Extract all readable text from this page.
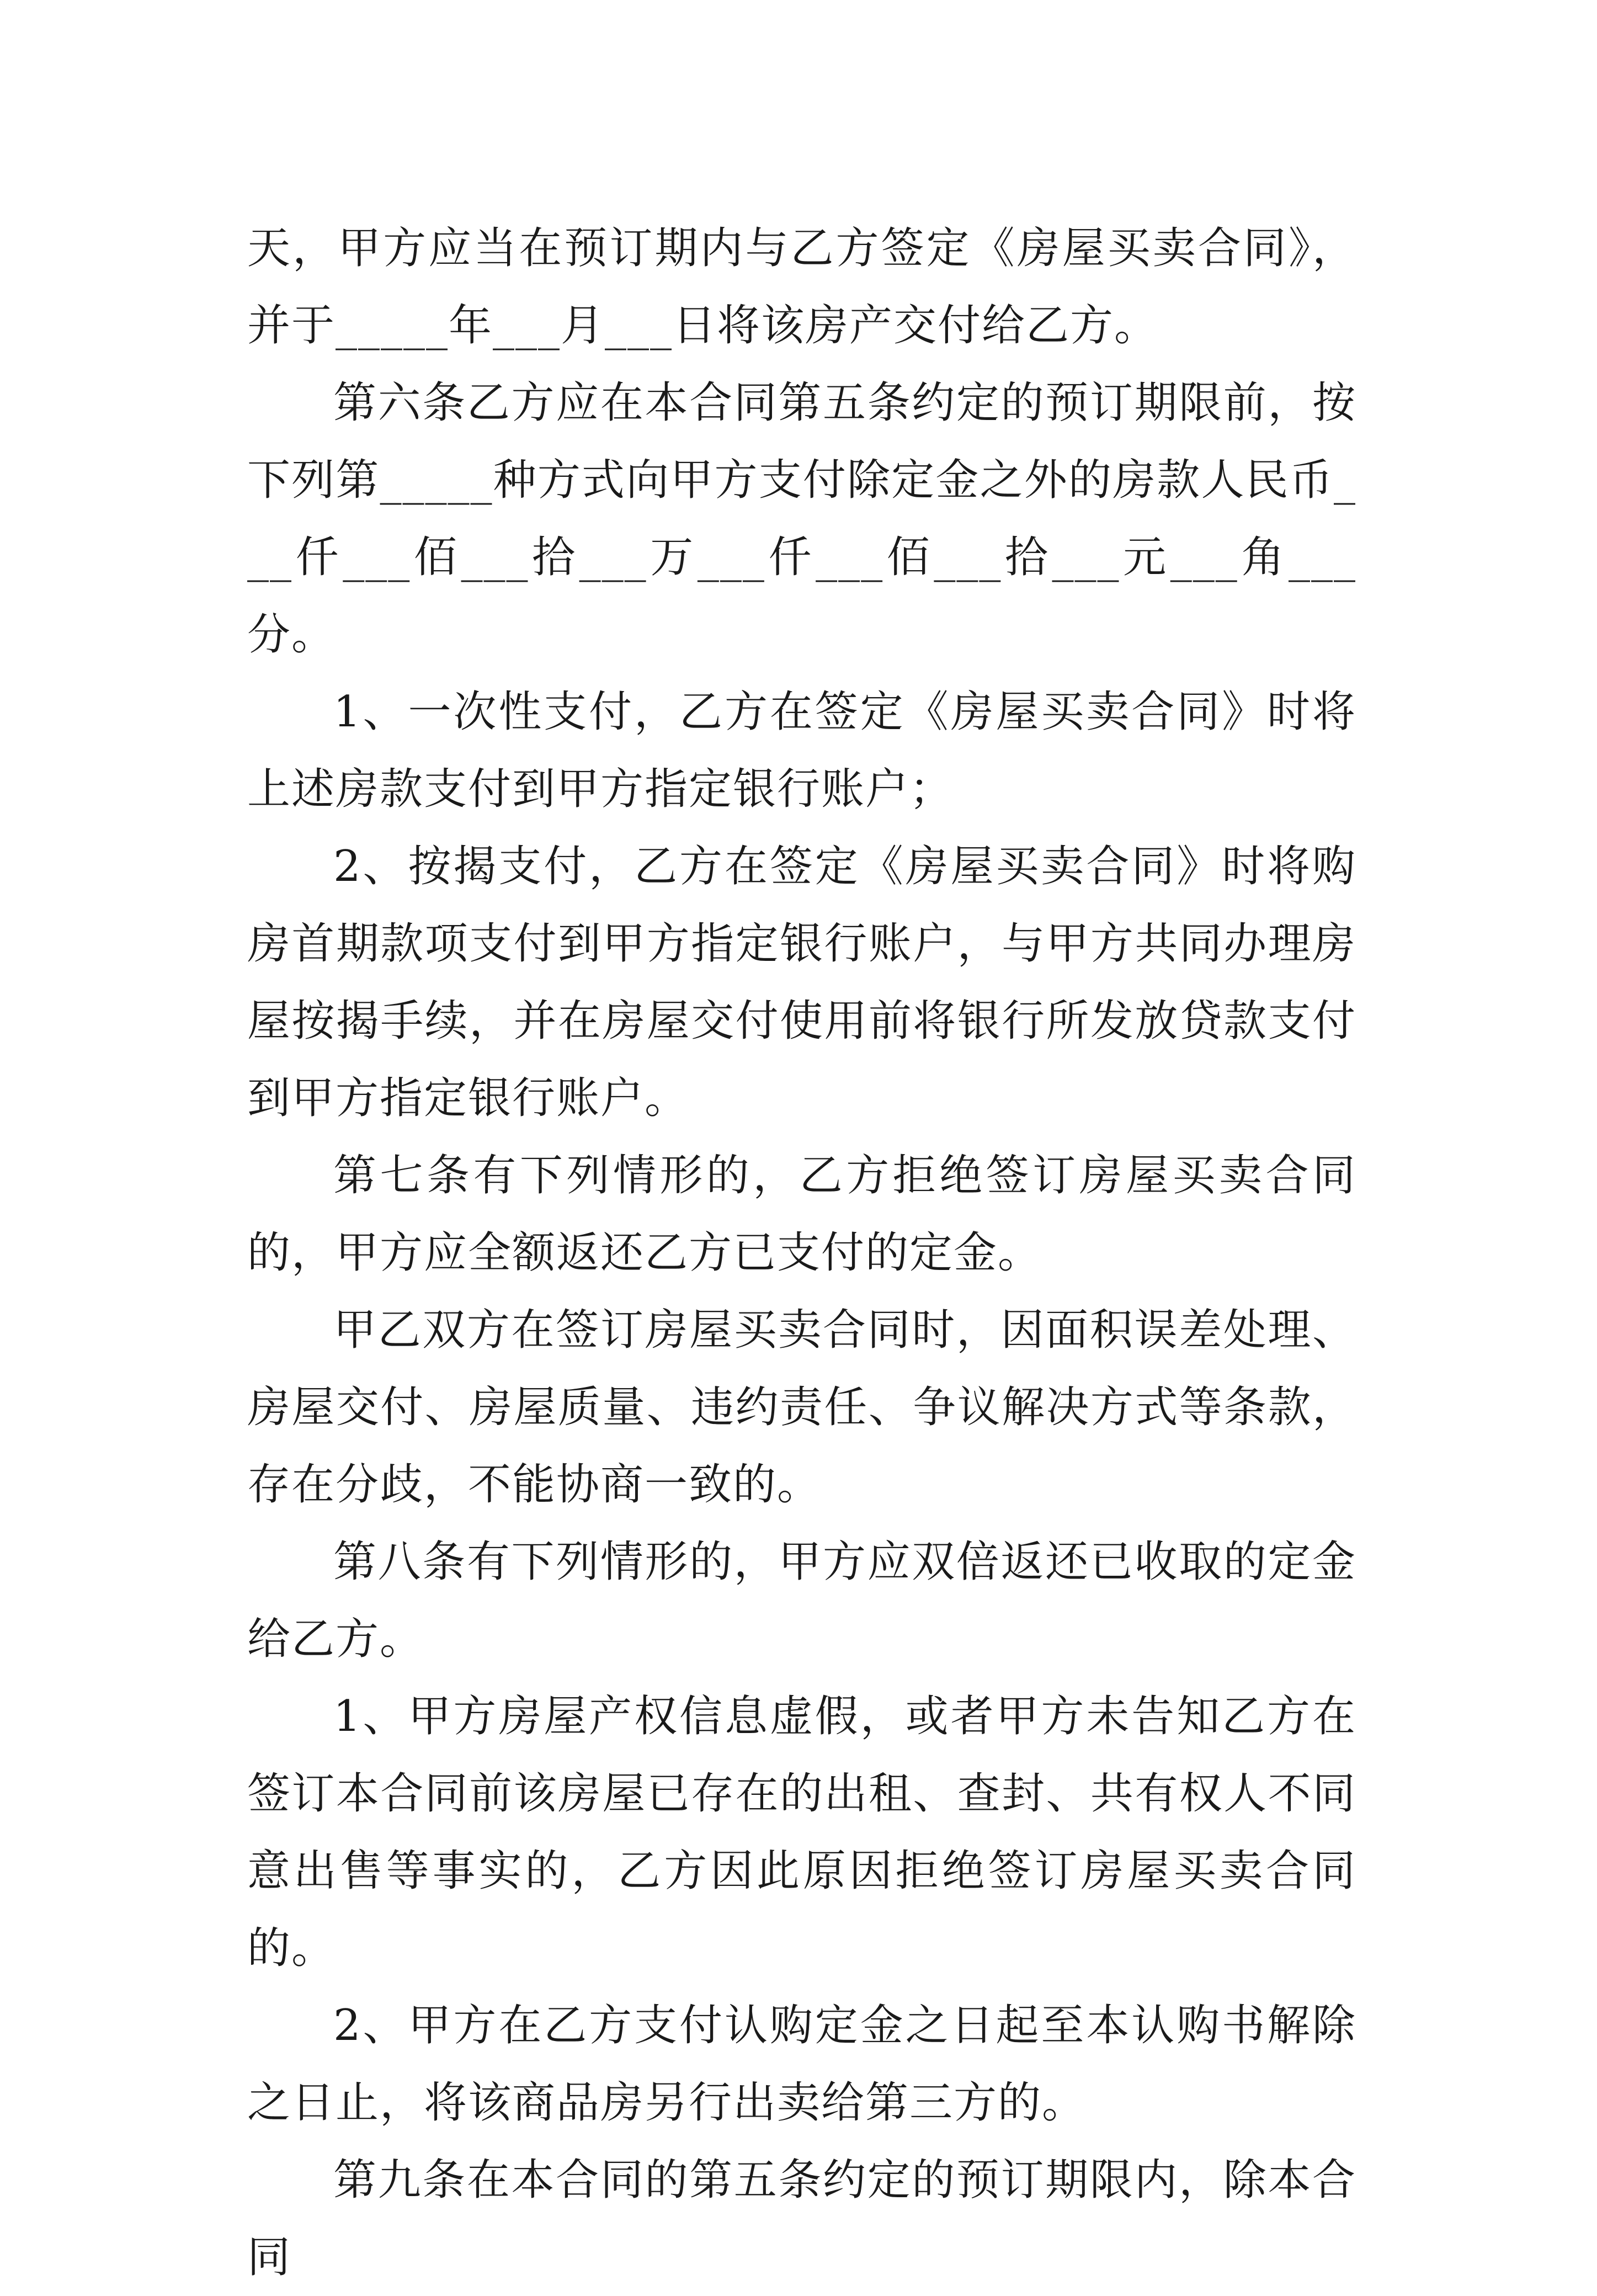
天，甲方应当在预订期内与乙方签定《房屋买卖合同》，并于_____年___月___日将该房产交付给乙方。

第六条乙方应在本合同第五条约定的预订期限前，按下列第_____种方式向甲方支付除定金之外的房款人民币___仟___佰___拾___万___仟___佰___拾___元___角___分。

1、一次性支付，乙方在签定《房屋买卖合同》时将上述房款支付到甲方指定银行账户；

2、按揭支付，乙方在签定《房屋买卖合同》时将购房首期款项支付到甲方指定银行账户，与甲方共同办理房屋按揭手续，并在房屋交付使用前将银行所发放贷款支付到甲方指定银行账户。

第七条有下列情形的，乙方拒绝签订房屋买卖合同的，甲方应全额返还乙方已支付的定金。

甲乙双方在签订房屋买卖合同时，因面积误差处理、房屋交付、房屋质量、违约责任、争议解决方式等条款，存在分歧，不能协商一致的。

第八条有下列情形的，甲方应双倍返还已收取的定金给乙方。

1、甲方房屋产权信息虚假，或者甲方未告知乙方在签订本合同前该房屋已存在的出租、查封、共有权人不同意出售等事实的，乙方因此原因拒绝签订房屋买卖合同的。

2、甲方在乙方支付认购定金之日起至本认购书解除之日止，将该商品房另行出卖给第三方的。

第九条在本合同的第五条约定的预订期限内，除本合同
